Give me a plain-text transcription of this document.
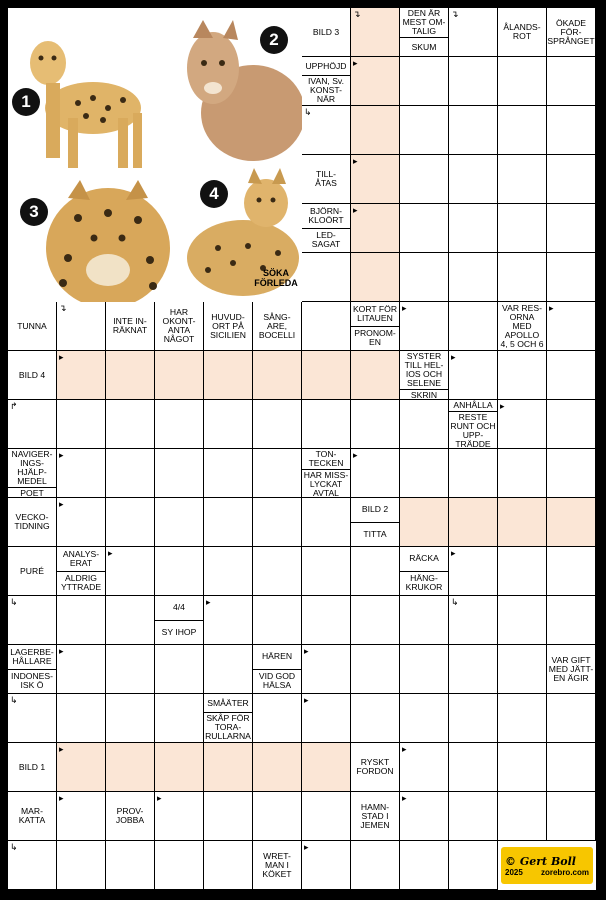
BILD 3
DEN ÄR
MEST OM-
TALIG
SKUM
ÅLANDS-
ROT
ÖKADE
FÖR-
SPRÅNGET
UPPHÖJD
IVAN, Sv.
KONST-
NÄR
TILL-
ÅTAS
BJÖRN-
KLOÖRT
LED-
SAGAT
TUNNA	INTE IN-
RÄKNAT
HAR
OKONT-
ANTA
NÅGOT
HUVUD-
ORT PÅ
SICILIEN
SÅNG-
ARE,
BOCELLI
KORT FÖR
LITAUEN
PRONOM-
EN
VAR RES-
ORNA
MED
APOLLO
4, 5 OCH 6
BILD 4
SYSTER
TILL HEL-
IOS OCH
SELENE
SKRIN
ANHÅLLA
RESTE
RUNT OCH
UPP-
TRÄDDE
NAVIGER-
INGS-
HJÄLP-
MEDEL
POET
TON-
TECKEN
HAR MISS-
LYCKAT
AVTAL
VECKO-
TIDNING
BILD 2
TITTA
PURÉ
ANALYS-
ERAT
ALDRIG
YTTRADE
RÄCKA
HÄNG-
KRUKOR
4/4
SY IHOP
LAGERBE-
HÅLLARE
INDONES-
ISK Ö
HÄREN
VID GOD
HÄLSA
VAR GIFT
MED JÄTT-
EN ÄGIR
SMÅÄTER
SKÅP FÖR
TORA-
RULLARNA
BILD 1	RYSKT
FORDON
MAR-
KATTA
PROV-
JOBBA
HAMN-
STAD I
JEMEN
WRET-
MAN I
KÖKET
↴	↴
▸
↳
▸
▸
↴
▸
▸
↱
▸
▸
▸
↳	▸
▸
↳
▸
↳
▸
▸
▸
▸	▸
▸
▸
↳	▸
▸	▸
▸
▸
1
2
3
4
SÖKA
FÖRLEDA
© Gert Boll
2025 zorebro.com
